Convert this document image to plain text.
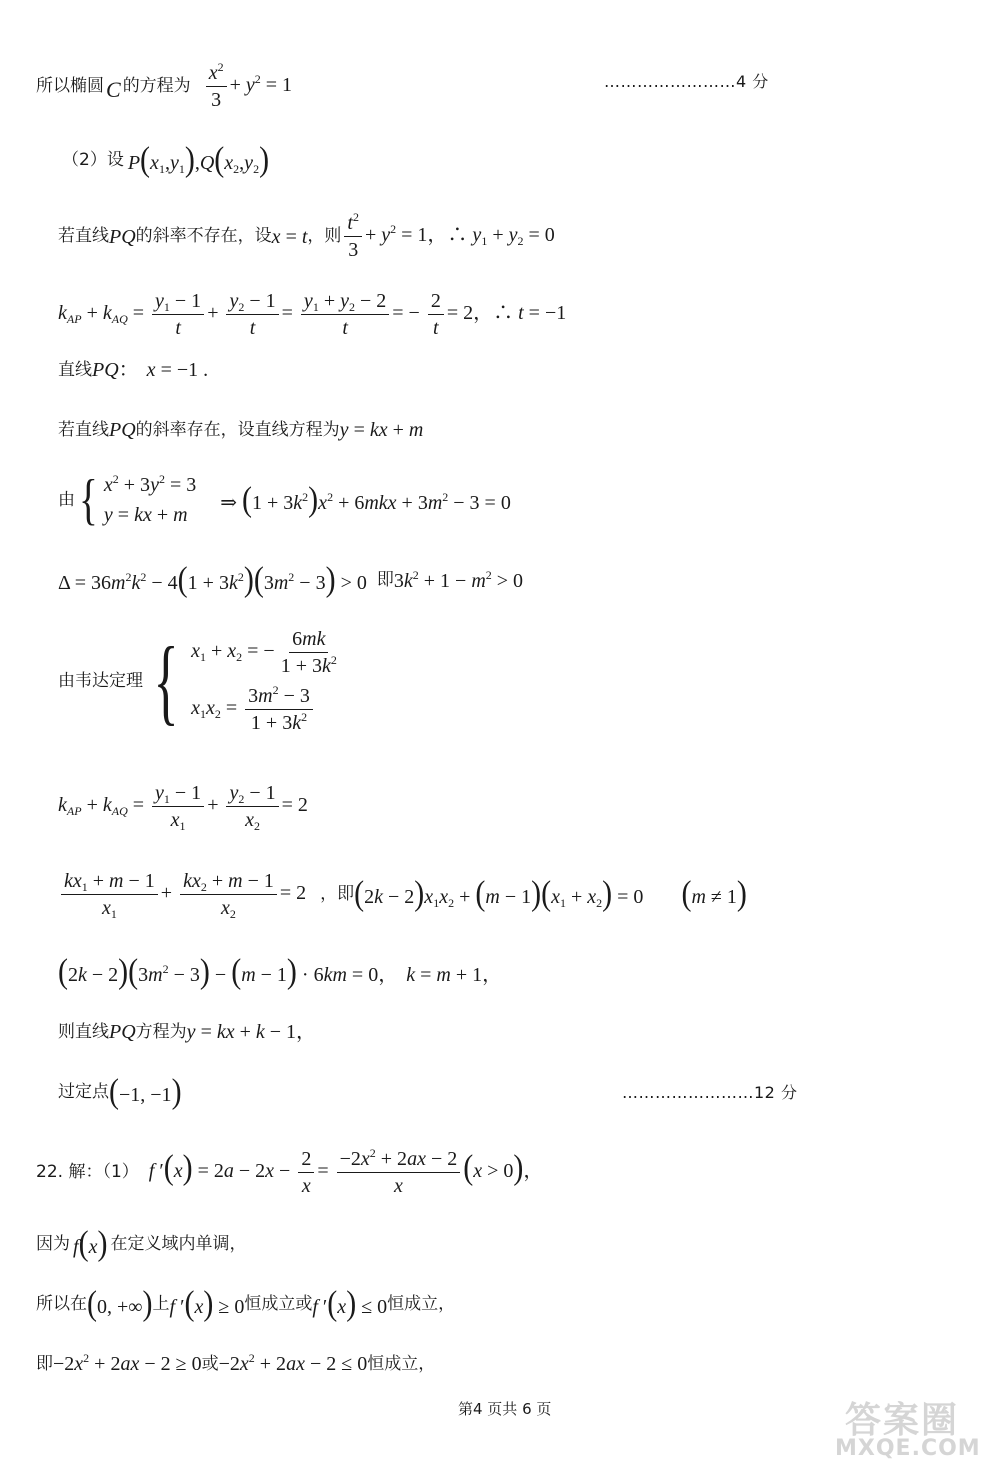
所以椭圆 C 的方程为 $\frac{x^2}{3} + y^2 = 1$	……………………4 分
（2）设 $P(x_1,y_1),Q(x_2,y_2)$
若直线 PQ 的斜率不存在，设 x = t ，则 $\frac{t^2}{3} + y^2 = 1$，∴ $y_1 + y_2 = 0$
$k_{AP} + k_{AQ} = \frac{y_1 - 1}{t} + \frac{y_2 - 1}{t} = \frac{y_1 + y_2 - 2}{t}$ = − $\frac{2}{t} = 2$，∴ t = −1
直线 PQ： x = −1 .
若直线 PQ 的斜率存在，设直线方程为 y = kx + m
由 { $x^2 + 3y^2 = 3$
y = kx + m
⇒ $(1 + 3k^2)x^2 + 6mkx + 3m^2 - 3 = 0$
$\Delta = 36m^2k^2 - 4(1 + 3k^2)(3m^2 - 3) > 0$ 即 $3k^2 + 1 - m^2 > 0$
由韦达定理 { $x_1 + x_2$ = − $\frac{6mk}{1 + 3k^2}$
$x_1x_2 = \frac{3m^2 - 3}{1 + 3k^2}$
$k_{AP} + k_{AQ} = \frac{y_1 - 1}{x_1} + \frac{y_2 - 1}{x_2} = 2$
$\frac{kx_1 + m - 1}{x_1} + \frac{kx_2 + m - 1}{x_2} = 2$ ，即 $(2k - 2)x_1x_2 + (m - 1)(x_1 + x_2) = 0$ (m ≠ 1)
$(2k - 2)(3m^2 - 3) - (m - 1) \cdot 6km = 0$， k = m + 1，
则直线 PQ 方程为 y = kx + k − 1，
过定点 (−1, −1)	……………………12 分
22. 解：（1） f $'(x) = 2a - 2x - \frac{2}{x} = \frac{-2x^2 + 2ax - 2}{x} (x > 0)$，
因为 f(x) 在定义域内单调，
所以在 (0, +∞) 上 f ′(x) ≥ 0 恒成立或 f ′(x) ≤ 0 恒成立，
即 $-2x^2 + 2ax - 2 \ge 0$ 或 $-2x^2 + 2ax - 2 \le 0$ 恒成立，
第4 页共 6 页	答案圈
MXQE.COM
